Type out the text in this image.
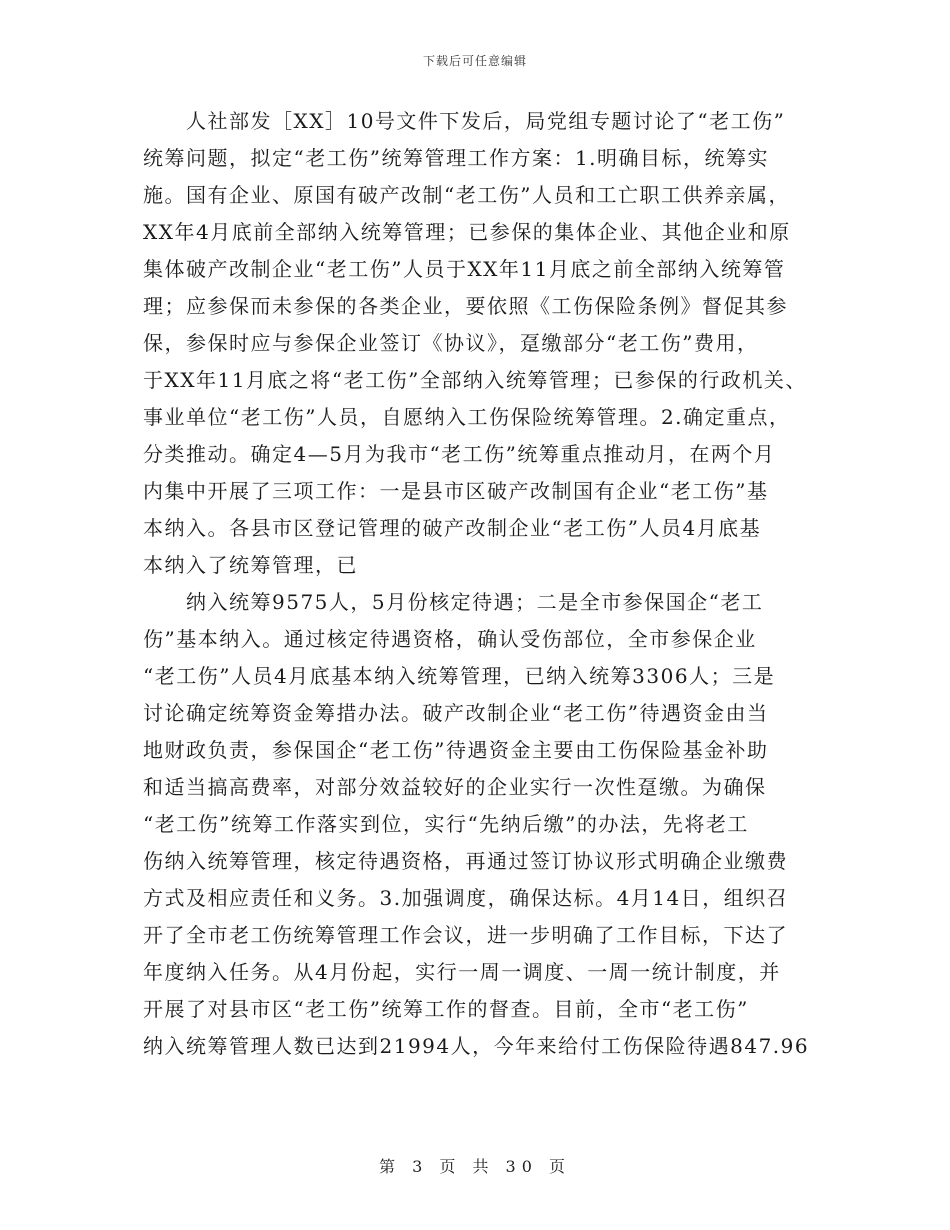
下载后可任意编辑
　　人社部发［XX］10号文件下发后，局党组专题讨论了“老工伤”
统筹问题，拟定“老工伤”统筹管理工作方案：1.明确目标，统筹实
施。国有企业、原国有破产改制“老工伤”人员和工亡职工供养亲属，
XX年4月底前全部纳入统筹管理；已参保的集体企业、其他企业和原
集体破产改制企业“老工伤”人员于XX年11月底之前全部纳入统筹管
理；应参保而未参保的各类企业，要依照《工伤保险条例》督促其参
保，参保时应与参保企业签订《协议》，趸缴部分“老工伤”费用，
于XX年11月底之将“老工伤”全部纳入统筹管理；已参保的行政机关、
事业单位“老工伤”人员，自愿纳入工伤保险统筹管理。2.确定重点，
分类推动。确定4—5月为我市“老工伤”统筹重点推动月，在两个月
内集中开展了三项工作：一是县市区破产改制国有企业“老工伤”基
本纳入。各县市区登记管理的破产改制企业“老工伤”人员4月底基
本纳入了统筹管理，已
　　纳入统筹9575人，5月份核定待遇；二是全市参保国企“老工
伤”基本纳入。通过核定待遇资格，确认受伤部位，全市参保企业
“老工伤”人员4月底基本纳入统筹管理，已纳入统筹3306人；三是
讨论确定统筹资金筹措办法。破产改制企业“老工伤”待遇资金由当
地财政负责，参保国企“老工伤”待遇资金主要由工伤保险基金补助
和适当搞高费率，对部分效益较好的企业实行一次性趸缴。为确保
“老工伤”统筹工作落实到位，实行“先纳后缴”的办法，先将老工
伤纳入统筹管理，核定待遇资格，再通过签订协议形式明确企业缴费
方式及相应责任和义务。3.加强调度，确保达标。4月14日，组织召
开了全市老工伤统筹管理工作会议，进一步明确了工作目标，下达了
年度纳入任务。从4月份起，实行一周一调度、一周一统计制度，并
开展了对县市区“老工伤”统筹工作的督查。目前，全市“老工伤”
纳入统筹管理人数已达到21994人，今年来给付工伤保险待遇847.96
第 3 页 共 30 页
